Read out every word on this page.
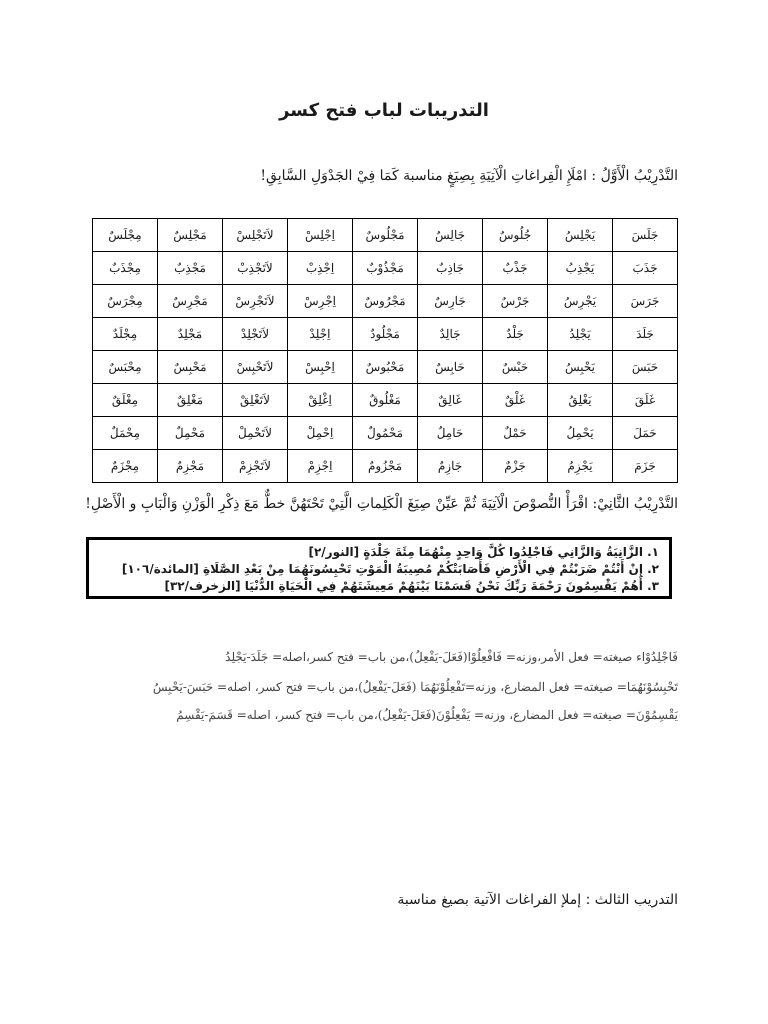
التدريبات لباب فتح كسر
التَّدْرِيْبُ الْأَوَّلُ : امْلَإِ الْفِراغاتِ الْآتِيَةِ بِصِيَغٍ مناسبة كَمَا فِيْ الجَدْوَلِ السَّابِقِ!
جَلَسَ	يَجْلِسُ	جُلُوسٌ	جَالِسٌ	مَجْلُوسٌ	اِجْلِسْ	لاَتَجْلِسْ	مَجْلِسٌ	مِجْلَسٌ
جَذَبَ	يَجْذِبُ	جَذْبٌ	جَاذِبٌ	مَجْذُوْبٌ	اِجْذِبْ	لاَتَجْذِبْ	مَجْذِبٌ	مِجْذَبٌ
جَرَسَ	يَجْرِسُ	جَرْسٌ	جَارِسٌ	مَجْرُوسٌ	اِجْرِسْ	لاَتَجْرِسْ	مَجْرِسٌ	مِجْرَسٌ
جَلَدَ	يَجْلِدُ	جَلْدٌ	جَالِدٌ	مَجْلُودٌ	اِجْلِدْ	لاَتَجْلِدْ	مَجْلِدٌ	مِجْلَدٌ
حَبَسَ	يَحْبِسُ	حَبْسٌ	حَابِسٌ	مَحْبُوسٌ	اِحْبِسْ	لاَتَحْبِسْ	مَحْبِسٌ	مِحْبَسٌ
غَلَقَ	يَغْلِقُ	غَلْقٌ	غَالِقٌ	مَغْلُوقٌ	اِغْلِقْ	لاَتَغْلِقْ	مَغْلِقٌ	مِغْلَقٌ
حَمَلَ	يَحْمِلُ	حَمْلٌ	حَامِلٌ	مَحْمُولٌ	اِحْمِلْ	لاَتَحْمِلْ	مَحْمِلٌ	مِحْمَلٌ
جَزَمَ	يَجْزِمُ	جَزْمٌ	جَازِمٌ	مَجْزُومٌ	اِجْزِمْ	لاَتَجْزِمْ	مَجْزِمٌ	مِجْزَمٌ
التَّدْرِيْبُ الثَّانِيْ: اقْرَأْ النُّصوْصَ الْآتِيَةَ ثُمَّ عَيِّنْ صِيَغَ الْكَلِماتِ الَّتِيْ تَحْتَهُنَّ خطٌّ مَعَ ذِكْرِ الْوَزْنِ وَالْبَابِ و الْأَصْلِ!
١. الزَّانِيَةُ وَالزَّانِي فَاجْلِدُوا كُلَّ وَاحِدٍ مِنْهُمَا مِئَةَ جَلْدَةٍ [النور/٢]
٢. إِنْ أَنْتُمْ ضَرَبْتُمْ فِي الْأَرْضِ فَأَصَابَتْكُمْ مُصِيبَةُ الْمَوْتِ تَحْبِسُونَهُمَا مِنْ بَعْدِ الصَّلَاةِ [المائدة/١٠٦]
٣. أَهُمْ يَقْسِمُونَ رَحْمَةَ رَبِّكَ نَحْنُ قَسَمْنَا بَيْنَهُمْ مَعِيشَتَهُمْ فِي الْحَيَاةِ الدُّنْيَا [الزخرف/٣٢]
فَاجْلِدُوْاء صيغته= فعل الأمر،وزنه= فَافْعِلُوْا(فَعَلَ-يَفْعِلُ)،من باب= فتح كسر،اصله= جَلَدَ-يَجْلِدُ
تَحْبِسُوْنَهُمَا= صيغته= فعل المضارع، وزنه=تَفْعِلُوْنَهُمَا (فَعَلَ-يَفْعِلُ)،من باب= فتح كسر، اصله= حَبَسَ-يَحْبِسُ
يَقْسِمُوْنَ= صيغته= فعل المضارع، وزنه= يَفْعِلُوْنَ(فَعَلَ-يَفْعِلُ)،من باب= فتح كسر، اصله= قَسَمَ-يَقْسِمُ
التدريب الثالث : إملإ الفراغات الآتية بصيغ مناسبة
